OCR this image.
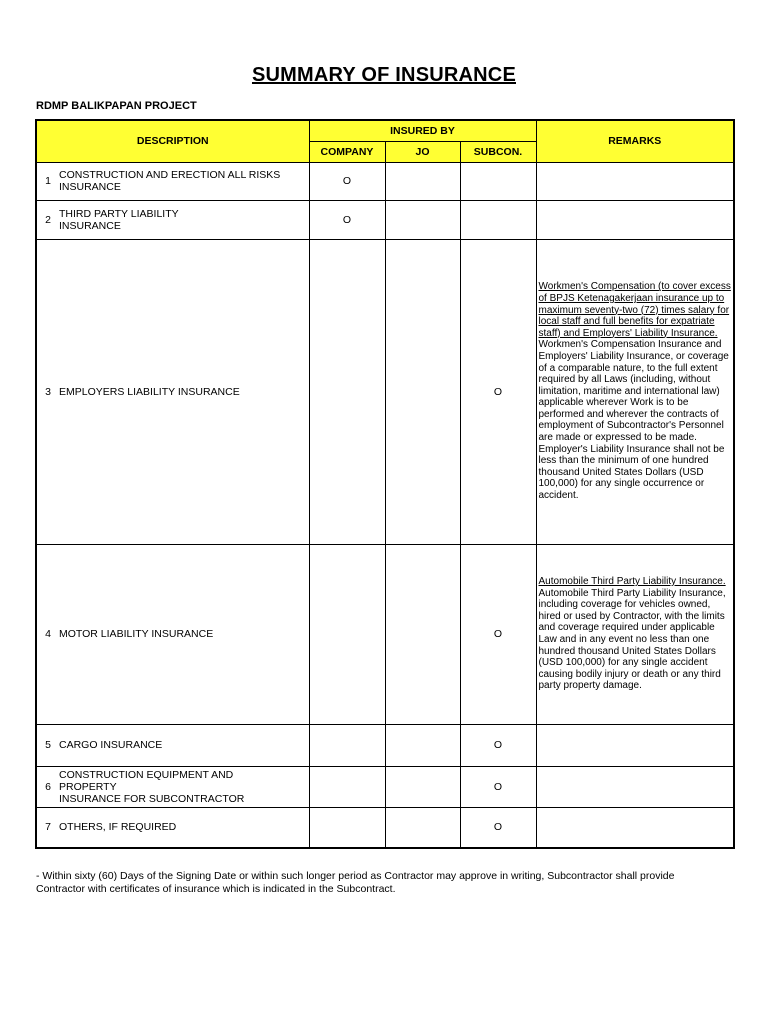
SUMMARY OF INSURANCE
RDMP BALIKPAPAN PROJECT
DESCRIPTION	INSURED BY			REMARKS
	COMPANY	JO	SUBCON.	

1 CONSTRUCTION AND ERECTION ALL RISKS
INSURANCE	O			

2 THIRD PARTY LIABILITY
INSURANCE	O			

3 EMPLOYERS LIABILITY INSURANCE			O	Workmen's Compensation (to cover excess of BPJS Ketenagakerjaan insurance up to maximum seventy-two (72) times salary for local staff and full benefits for expatriate staff) and Employers' Liability Insurance.
Workmen's Compensation Insurance and Employers' Liability Insurance, or coverage of a comparable nature, to the full extent required by all Laws (including, without limitation, maritime and international law) applicable wherever Work is to be performed and wherever the contracts of employment of Subcontractor's Personnel are made or expressed to be made. Employer's Liability Insurance shall not be less than the minimum of one hundred thousand United States Dollars (USD 100,000) for any single occurrence or accident.

4 MOTOR LIABILITY INSURANCE			O	Automobile Third Party Liability Insurance.
Automobile Third Party Liability Insurance, including coverage for vehicles owned, hired or used by Contractor, with the limits and coverage required under applicable Law and in any event no less than one hundred thousand United States Dollars (USD 100,000) for any single accident causing bodily injury or death or any third party property damage.

5 CARGO INSURANCE			O	

6
CONSTRUCTION EQUIPMENT AND
PROPERTY
INSURANCE FOR SUBCONTRACTOR			O	

7 OTHERS, IF REQUIRED			O	
- Within sixty (60) Days of the Signing Date or within such longer period as Contractor may approve in writing, Subcontractor shall provide
Contractor with certificates of insurance which is indicated in the Subcontract.
